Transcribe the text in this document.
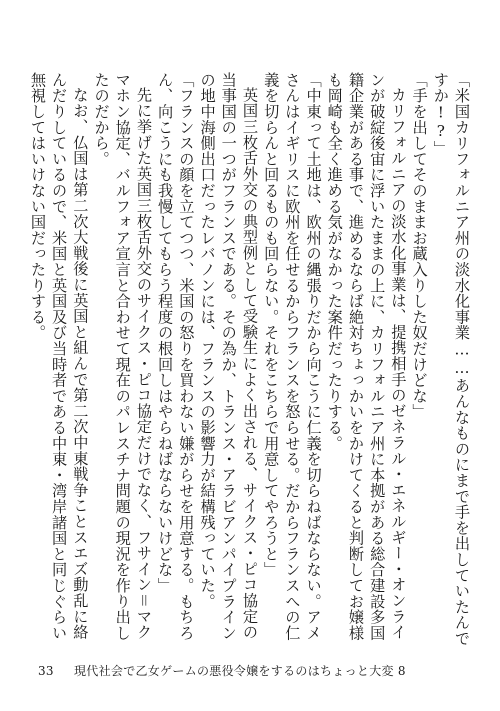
「米国カリフォルニア州の淡水化事業……あんなものにまで手を出していたんですか!?」

「手を出してそのままお蔵入りした奴だけどな」

カリフォルニアの淡水化事業は、提携相手のゼネラル・エネルギー・オンラインが破綻後宙に浮いたままの上に、カリフォルニア州に本拠がある総合建設多国籍企業がある事で、進めるならば絶対ちょっかいをかけてくると判断してお嬢様も岡崎も全く進める気がなかった案件だったりする。

「中東って土地は、欧州の縄張りだから向こうに仁義を切らねばならない。アメさんはイギリスに欧州を任せるからフランスを怒らせる。だからフランスへの仁義を切らんと回るものも回らない。それをこちらで用意してやろうと」

英国三枚舌外交の典型例として受験生によく出される、サイクス・ピコ協定の当事国の一つがフランスである。その為か、トランス・アラビアンパイプラインの地中海側出口だったレバノンには、フランスの影響力が結構残っていた。

「フランスの顔を立てつつ、米国の怒りを買わない嫌がらせを用意する。もちろん、向こうにも我慢してもらう程度の根回しはやらねばならないけどな」

先に挙げた英国三枚舌外交のサイクス・ピコ協定だけでなく、フサイン＝マクマホン協定、バルフォア宣言と合わせて現在のパレスチナ問題の現況を作り出したのだから。

なお、仏国は第二次大戦後に英国と組んで第二次中東戦争ことスエズ動乱に絡んだりしているので、米国と英国及び当時者である中東・湾岸諸国と同じぐらい無視してはいけない国だったりする。

33 現代社会で乙女ゲームの悪役令嬢をするのはちょっと大変 8
